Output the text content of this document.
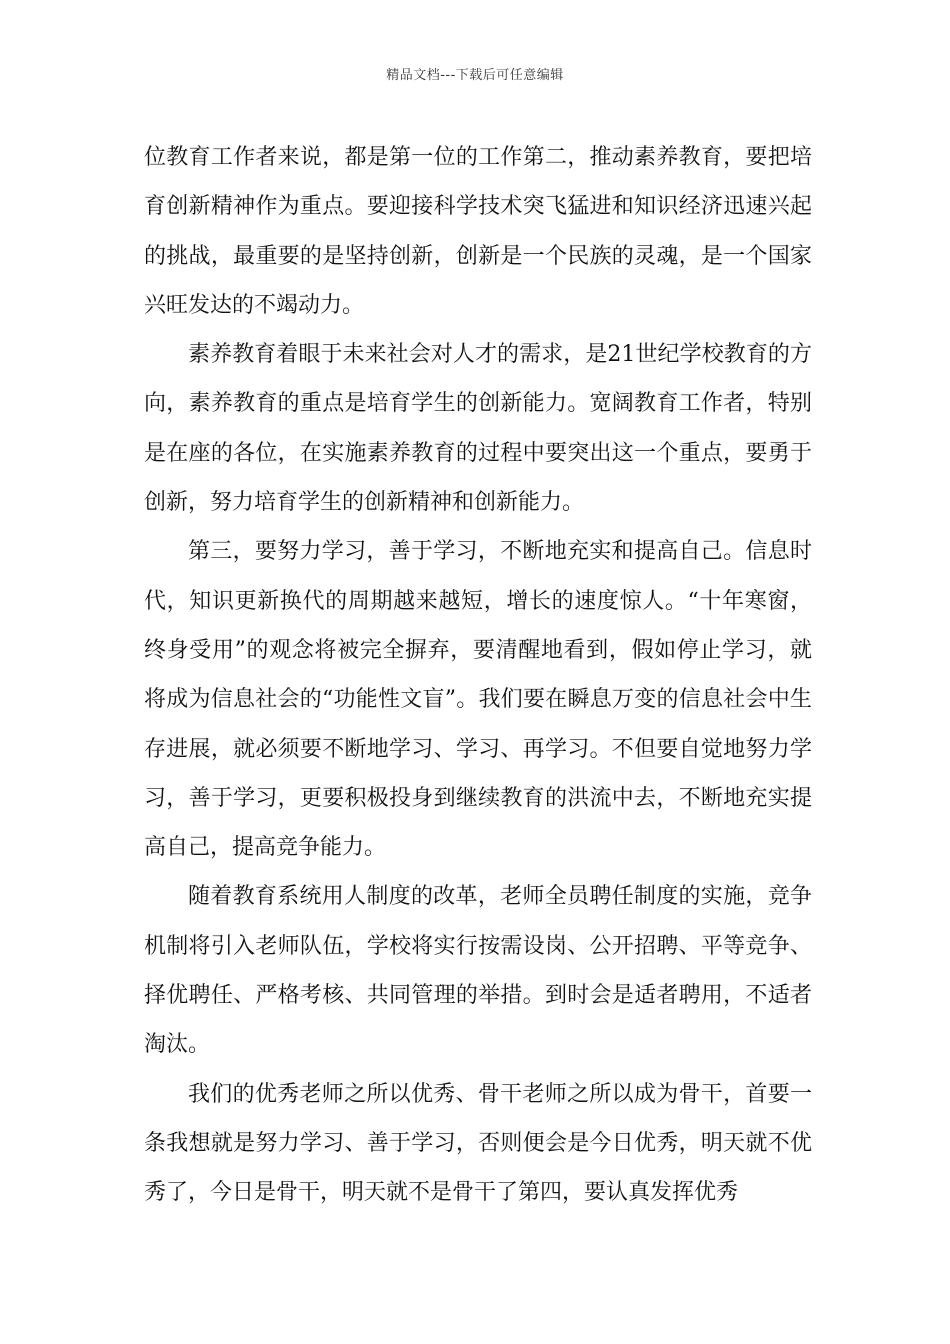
精品文档---下载后可任意编辑

位教育工作者来说，都是第一位的工作第二，推动素养教育，要把培育创新精神作为重点。要迎接科学技术突飞猛进和知识经济迅速兴起的挑战，最重要的是坚持创新，创新是一个民族的灵魂，是一个国家兴旺发达的不竭动力。

素养教育着眼于未来社会对人才的需求，是21世纪学校教育的方向，素养教育的重点是培育学生的创新能力。宽阔教育工作者，特别是在座的各位，在实施素养教育的过程中要突出这一个重点，要勇于创新，努力培育学生的创新精神和创新能力。

第三，要努力学习，善于学习，不断地充实和提高自己。信息时代，知识更新换代的周期越来越短，增长的速度惊人。“十年寒窗，终身受用”的观念将被完全摒弃，要清醒地看到，假如停止学习，就将成为信息社会的“功能性文盲”。我们要在瞬息万变的信息社会中生存进展，就必须要不断地学习、学习、再学习。不但要自觉地努力学习，善于学习，更要积极投身到继续教育的洪流中去，不断地充实提高自己，提高竞争能力。

随着教育系统用人制度的改革，老师全员聘任制度的实施，竞争机制将引入老师队伍，学校将实行按需设岗、公开招聘、平等竞争、择优聘任、严格考核、共同管理的举措。到时会是适者聘用，不适者淘汰。

我们的优秀老师之所以优秀、骨干老师之所以成为骨干，首要一条我想就是努力学习、善于学习，否则便会是今日优秀，明天就不优秀了，今日是骨干，明天就不是骨干了第四，要认真发挥优秀
